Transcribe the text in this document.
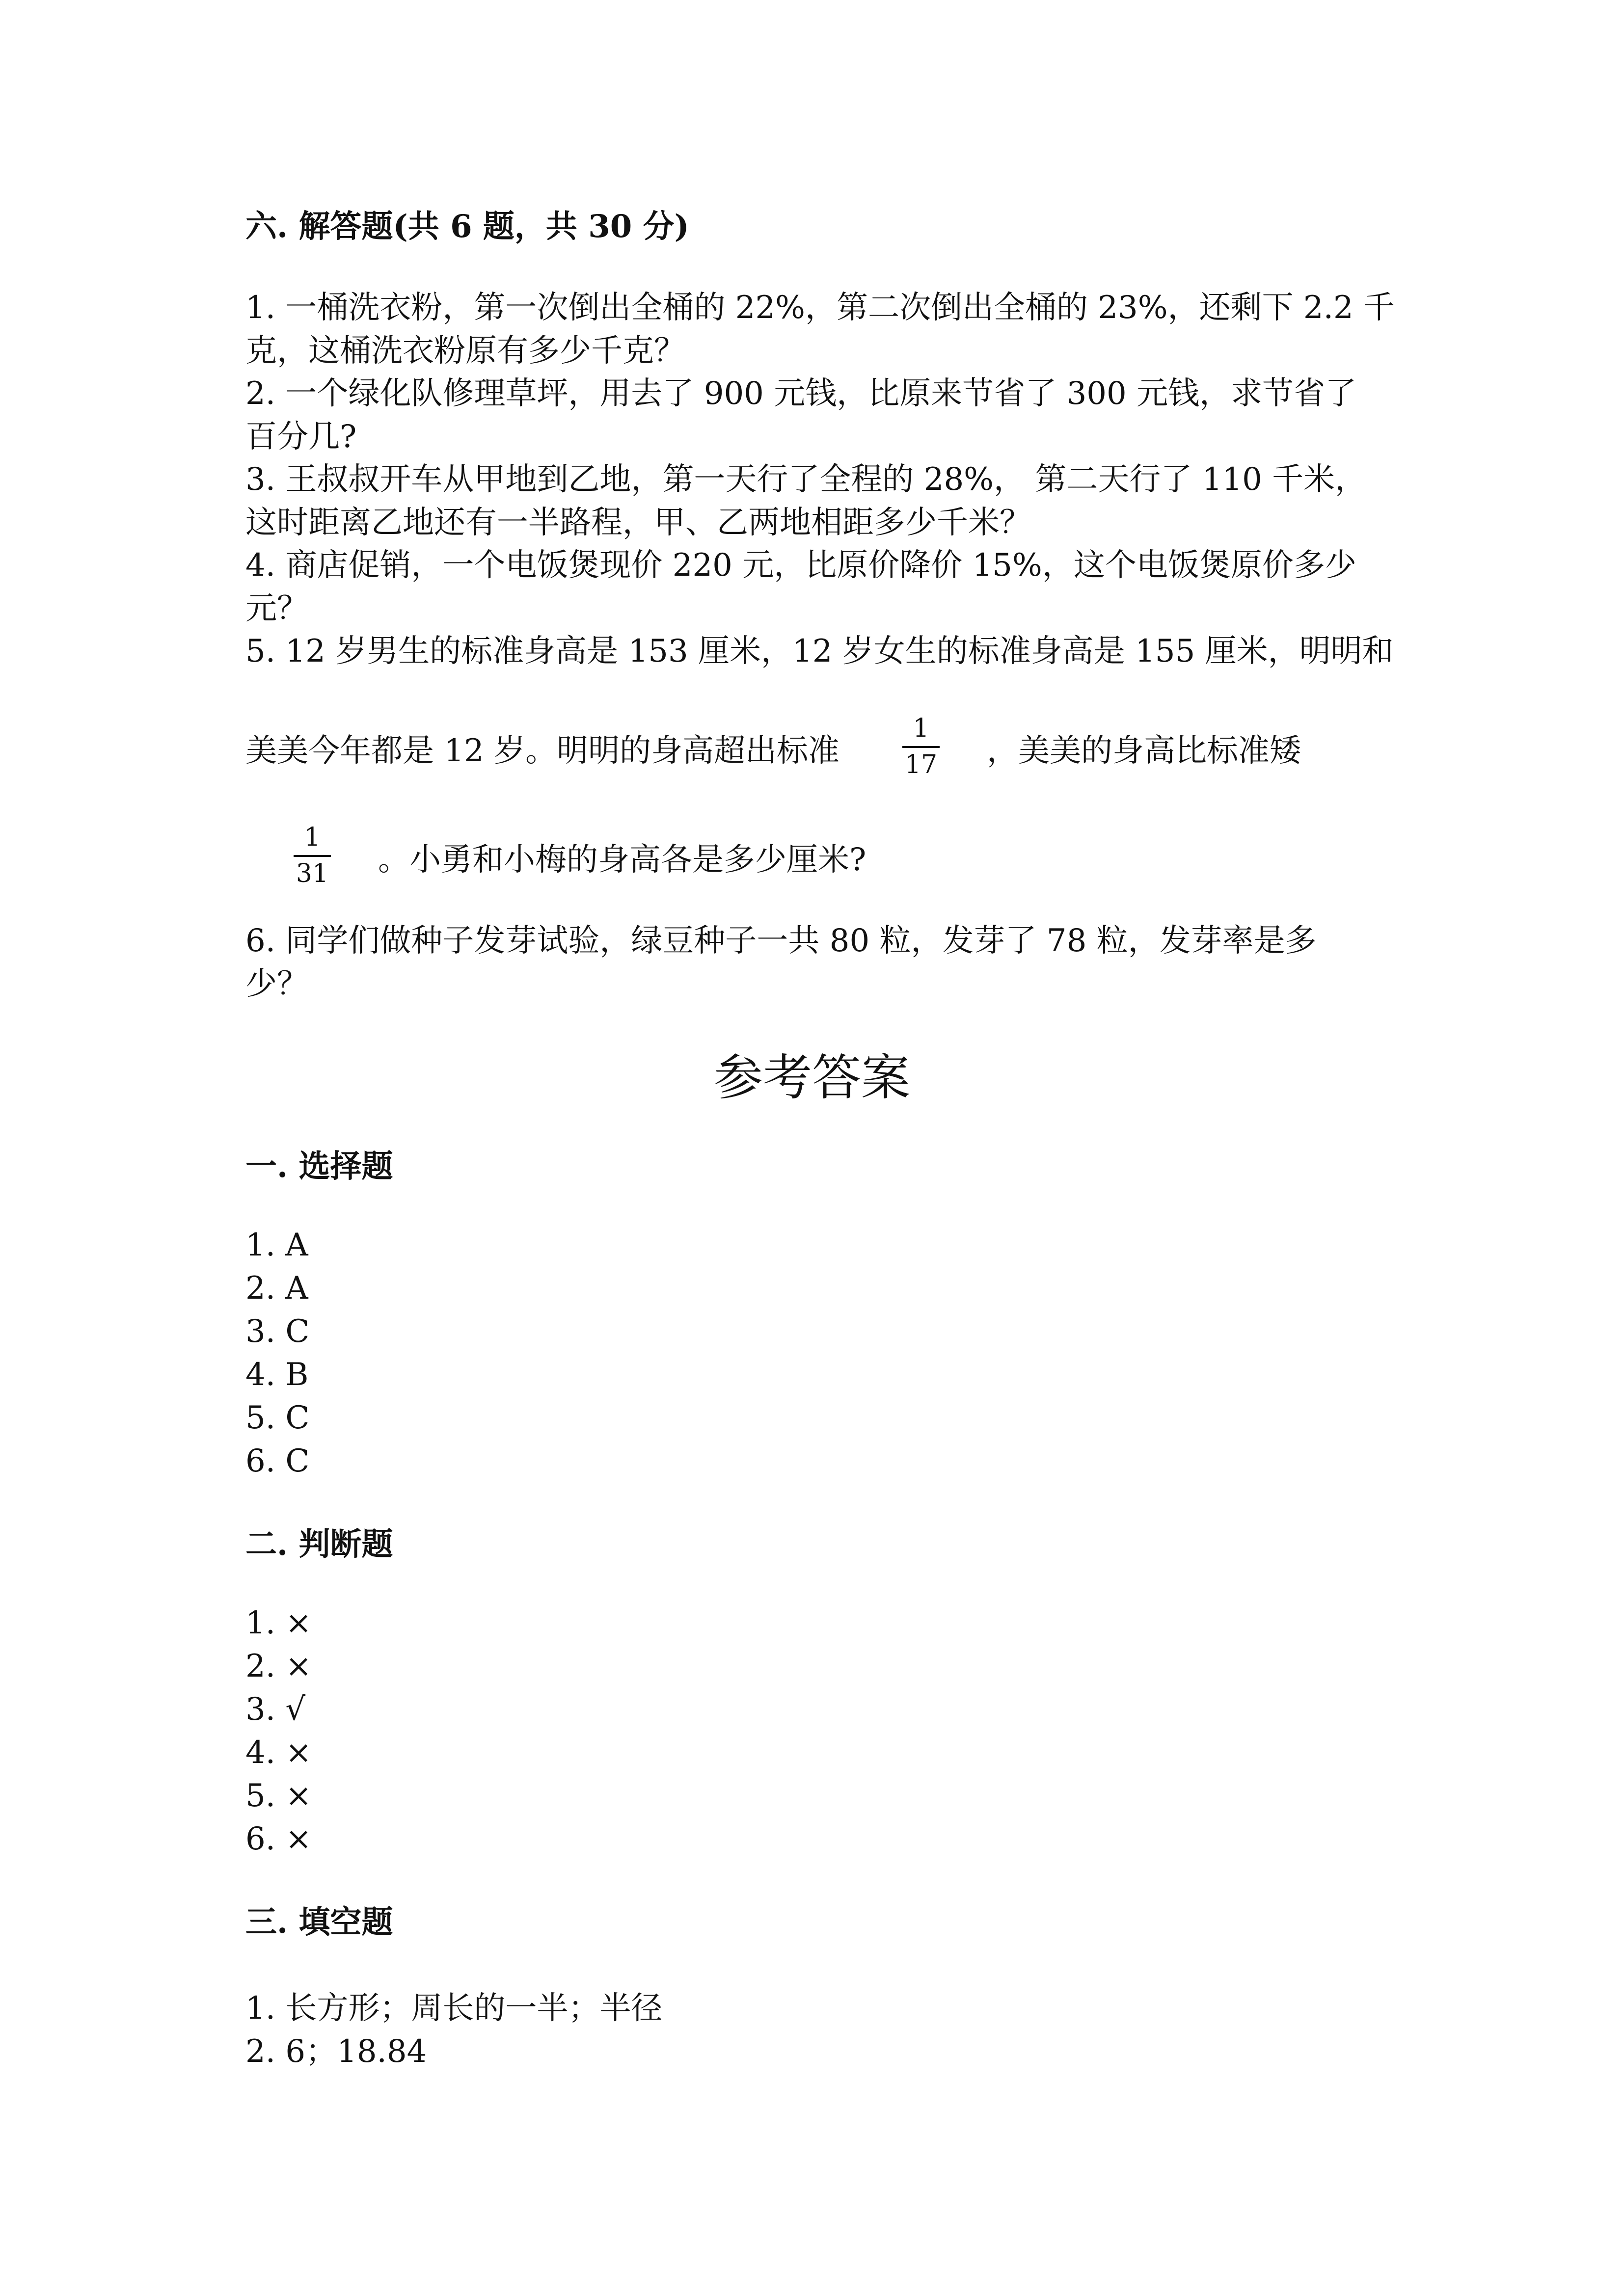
六. 解答题(共 6 题，共 30 分)
1. 一桶洗衣粉，第一次倒出全桶的 22%，第二次倒出全桶的 23%，还剩下 2.2 千
克，这桶洗衣粉原有多少千克？
2. 一个绿化队修理草坪，用去了 900 元钱，比原来节省了 300 元钱，求节省了
百分几?
3. 王叔叔开车从甲地到乙地，第一天行了全程的 28%， 第二天行了 110 千米，
这时距离乙地还有一半路程，甲、乙两地相距多少千米？
4. 商店促销，一个电饭煲现价 220 元，比原价降价 15%，这个电饭煲原价多少
元？
5. 12 岁男生的标准身高是 153 厘米，12 岁女生的标准身高是 155 厘米，明明和
美美今年都是 12 岁。明明的身高超出标准
1
17 ，美美的身高比标准矮
1
31 。小勇和小梅的身高各是多少厘米?
6. 同学们做种子发芽试验，绿豆种子一共 80 粒，发芽了 78 粒，发芽率是多
少？
参考答案
一. 选择题
1. A
2. A
3. C
4. B
5. C
6. C
二. 判断题
1. ×
2. ×
3. √
4. ×
5. ×
6. ×
三. 填空题
1. 长方形；周长的一半；半径
2. 6；18.84
